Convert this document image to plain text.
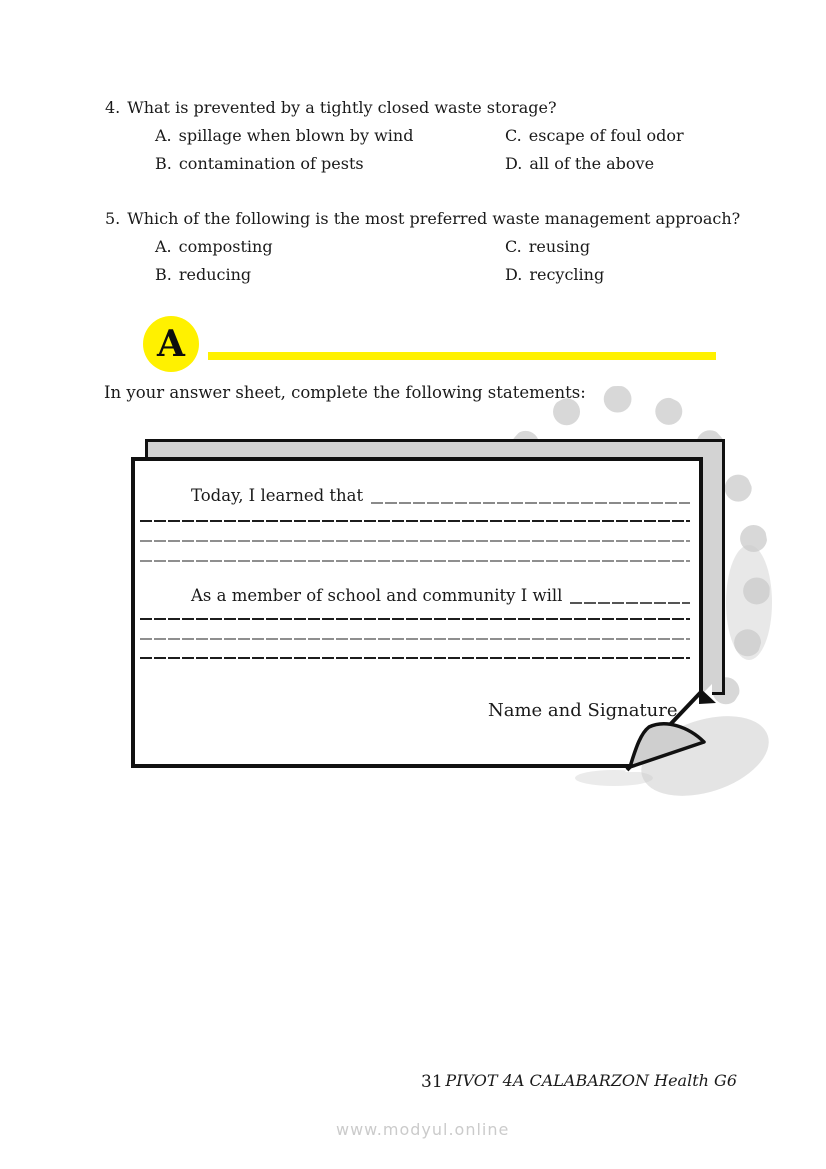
4. What is prevented by a tightly closed waste storage?
A. spillage when blown by wind	C. escape of foul odor
B. contamination of pests	D. all of the above
5. Which of the following is the most preferred waste management approach?
A. composting	C. reusing
B. reducing	D. recycling
A
In your answer sheet, complete the following statements:
Today, I learned that
As a member of school and community I will
Name and Signature
31 PIVOT 4A CALABARZON Health G6
www.modyul.online
